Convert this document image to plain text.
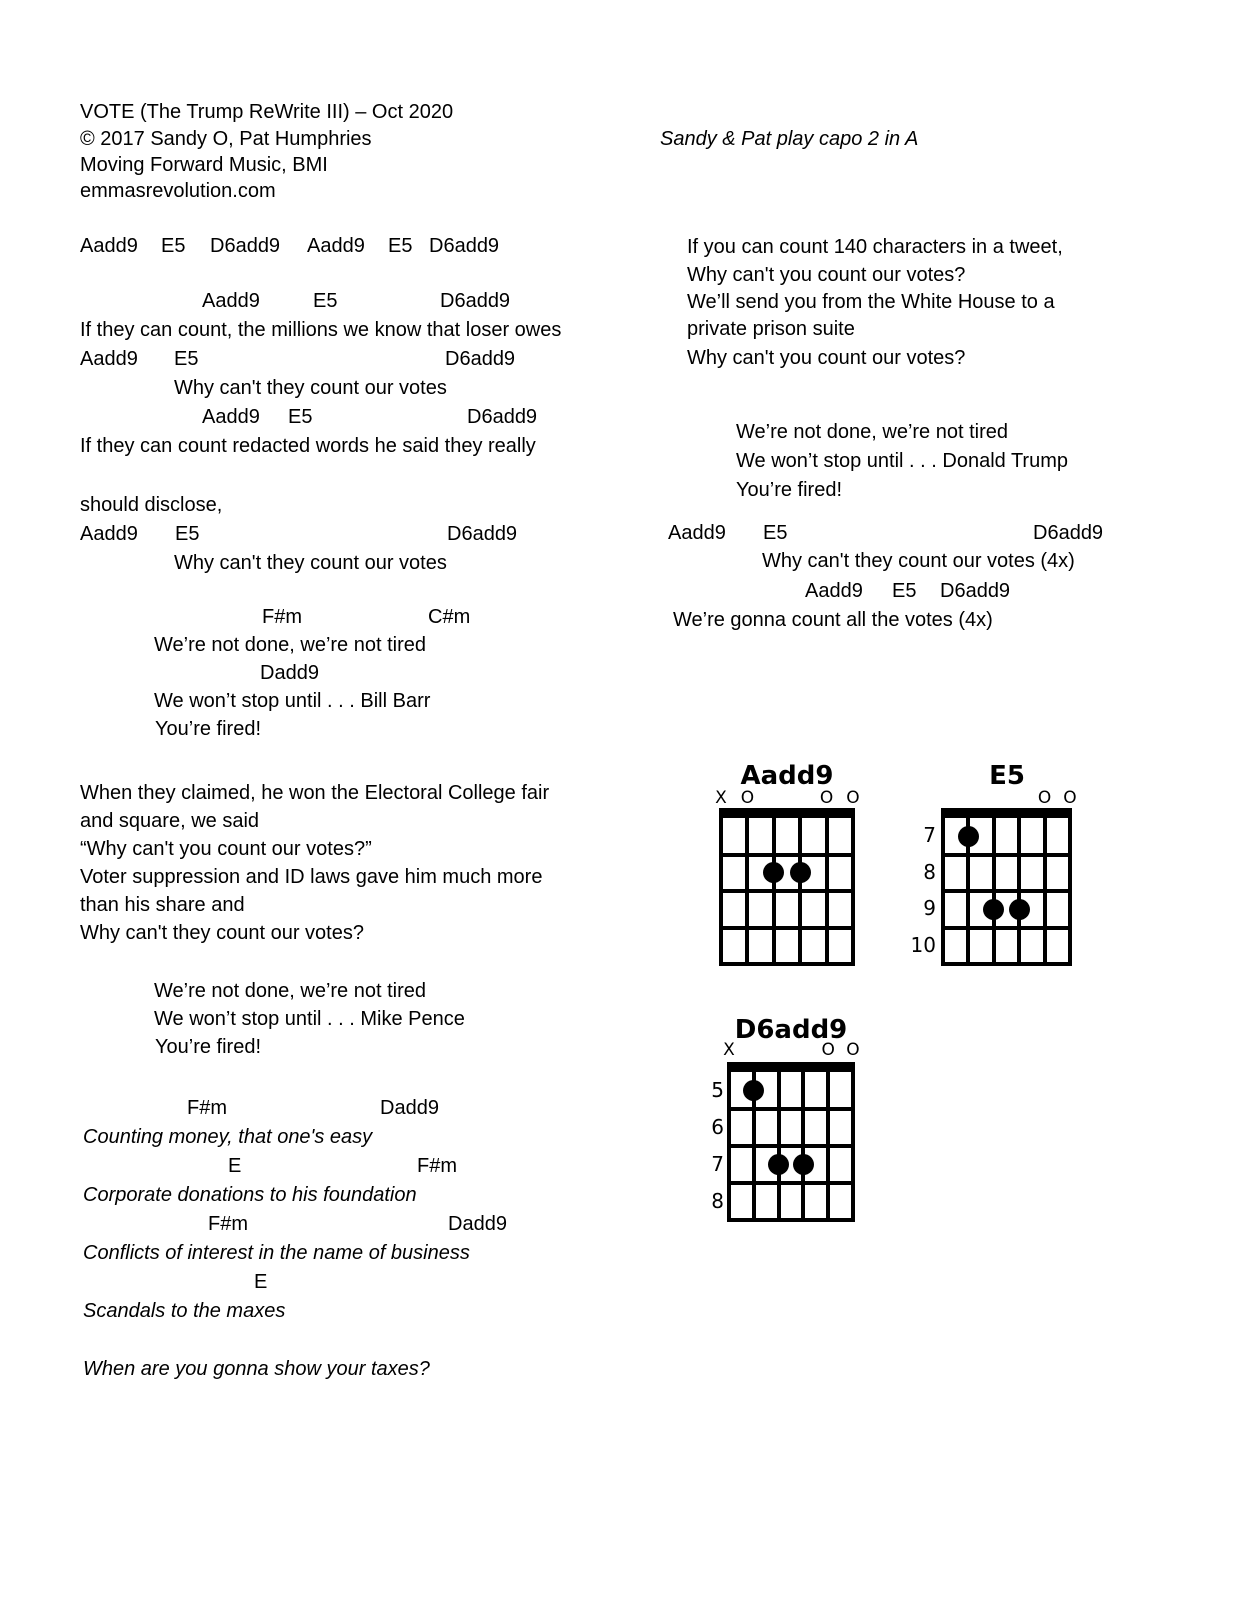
VOTE (The Trump ReWrite III) – Oct 2020
© 2017 Sandy O, Pat Humphries	Sandy & Pat play capo 2 in A
Moving Forward Music, BMI
emmasrevolution.com
Aadd9 E5 D6add9 Aadd9 E5 D6add9
Aadd9	E5	D6add9
If they can count, the millions we know that loser owes
Aadd9 E5	D6add9
Why can't they count our votes
Aadd9 E5	D6add9
If they can count redacted words he said they really
should disclose,
Aadd9 E5	D6add9
Why can't they count our votes
F#m	C#m
We’re not done, we’re not tired
Dadd9
We won’t stop until . . . Bill Barr
You’re fired!
When they claimed, he won the Electoral College fair
and square, we said
“Why can't you count our votes?”
Voter suppression and ID laws gave him much more
than his share and
Why can't they count our votes?
We’re not done, we’re not tired
We won’t stop until . . . Mike Pence
You’re fired!
F#m	Dadd9
Counting money, that one's easy
E	F#m
Corporate donations to his foundation
F#m	Dadd9
Conflicts of interest in the name of business
E
Scandals to the maxes
When are you gonna show your taxes?
If you can count 140 characters in a tweet,
Why can't you count our votes?
We’ll send you from the White House to a
private prison suite
Why can't you count our votes?
We’re not done, we’re not tired
We won’t stop until . . . Donald Trump
You’re fired!
Aadd9 E5	D6add9
Why can't they count our votes (4x)
Aadd9 E5 D6add9
We’re gonna count all the votes (4x)
Aadd9
X O	O O
E5
O O
7
8
9
10
D6add9
X	O O
5
6
7
8
